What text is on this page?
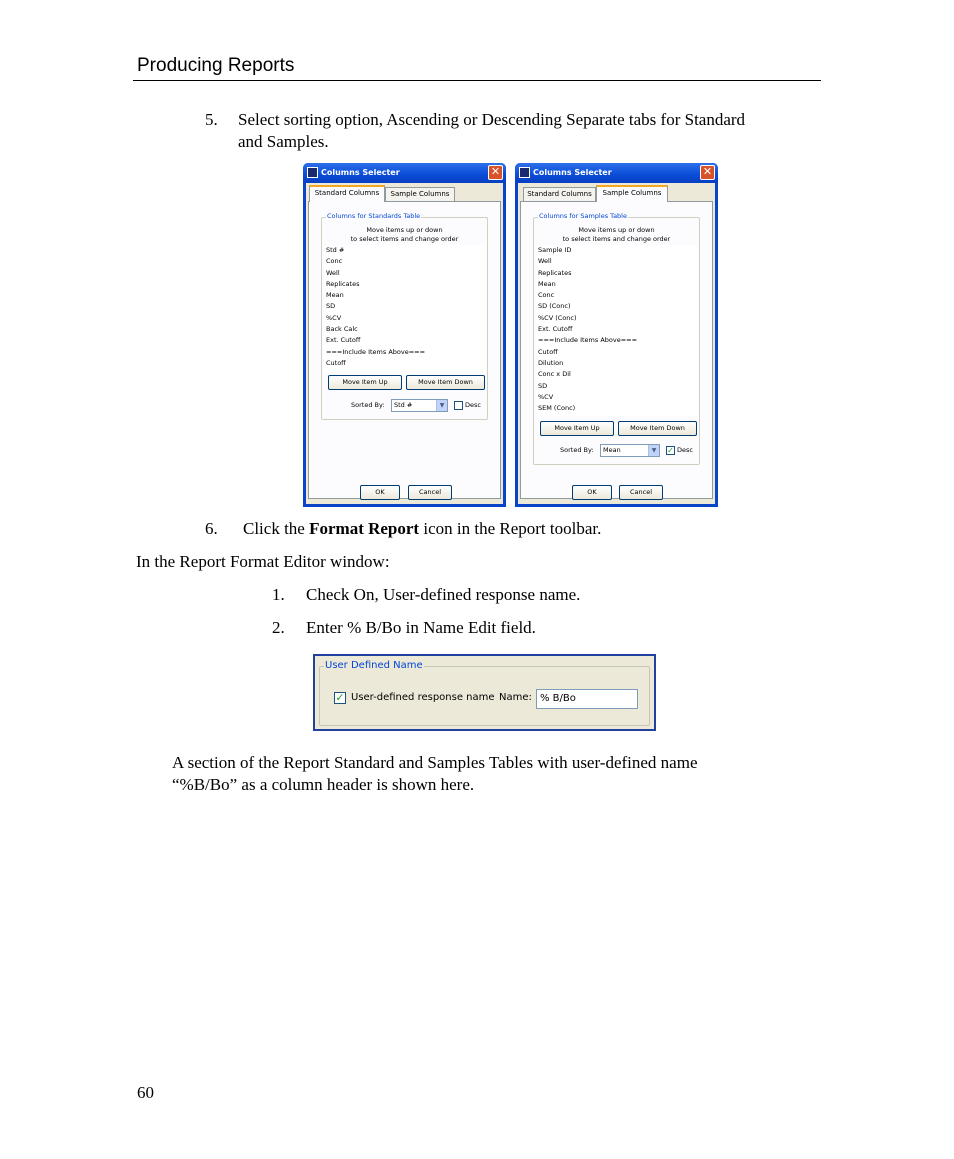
Producing Reports
5. Select sorting option, Ascending or Descending Separate tabs for Standard
and Samples.
Columns Selecter	✕
Standard Columns	Sample Columns
Columns for Standards Table
Move items up or down
to select items and change order
Std #
Conc
Well
Replicates
Mean
SD
%CV
Back Calc
Ext. Cutoff
===Include Items Above===
Cutoff
Move Item Up	Move Item Down
Sorted By:	Std #	▼	Desc
OK	Cancel
Columns Selecter	✕
Standard Columns	Sample Columns
Columns for Samples Table
Move items up or down
to select items and change order
Sample ID
Well
Replicates
Mean
Conc
SD (Conc)
%CV (Conc)
Ext. Cutoff
===Include Items Above===
Cutoff
Dilution
Conc x Dil
SD
%CV
SEM (Conc)
Move Item Up	Move Item Down
Sorted By:	Mean	▼	✓ Desc
OK	Cancel
6. Click the Format Report icon in the Report toolbar.
In the Report Format Editor window:
1. Check On, User-defined response name.
2. Enter % B/Bo in Name Edit field.
User Defined Name
✓ User-defined response name Name: % B/Bo
A section of the Report Standard and Samples Tables with user-defined name
“%B/Bo” as a column header is shown here.
60
